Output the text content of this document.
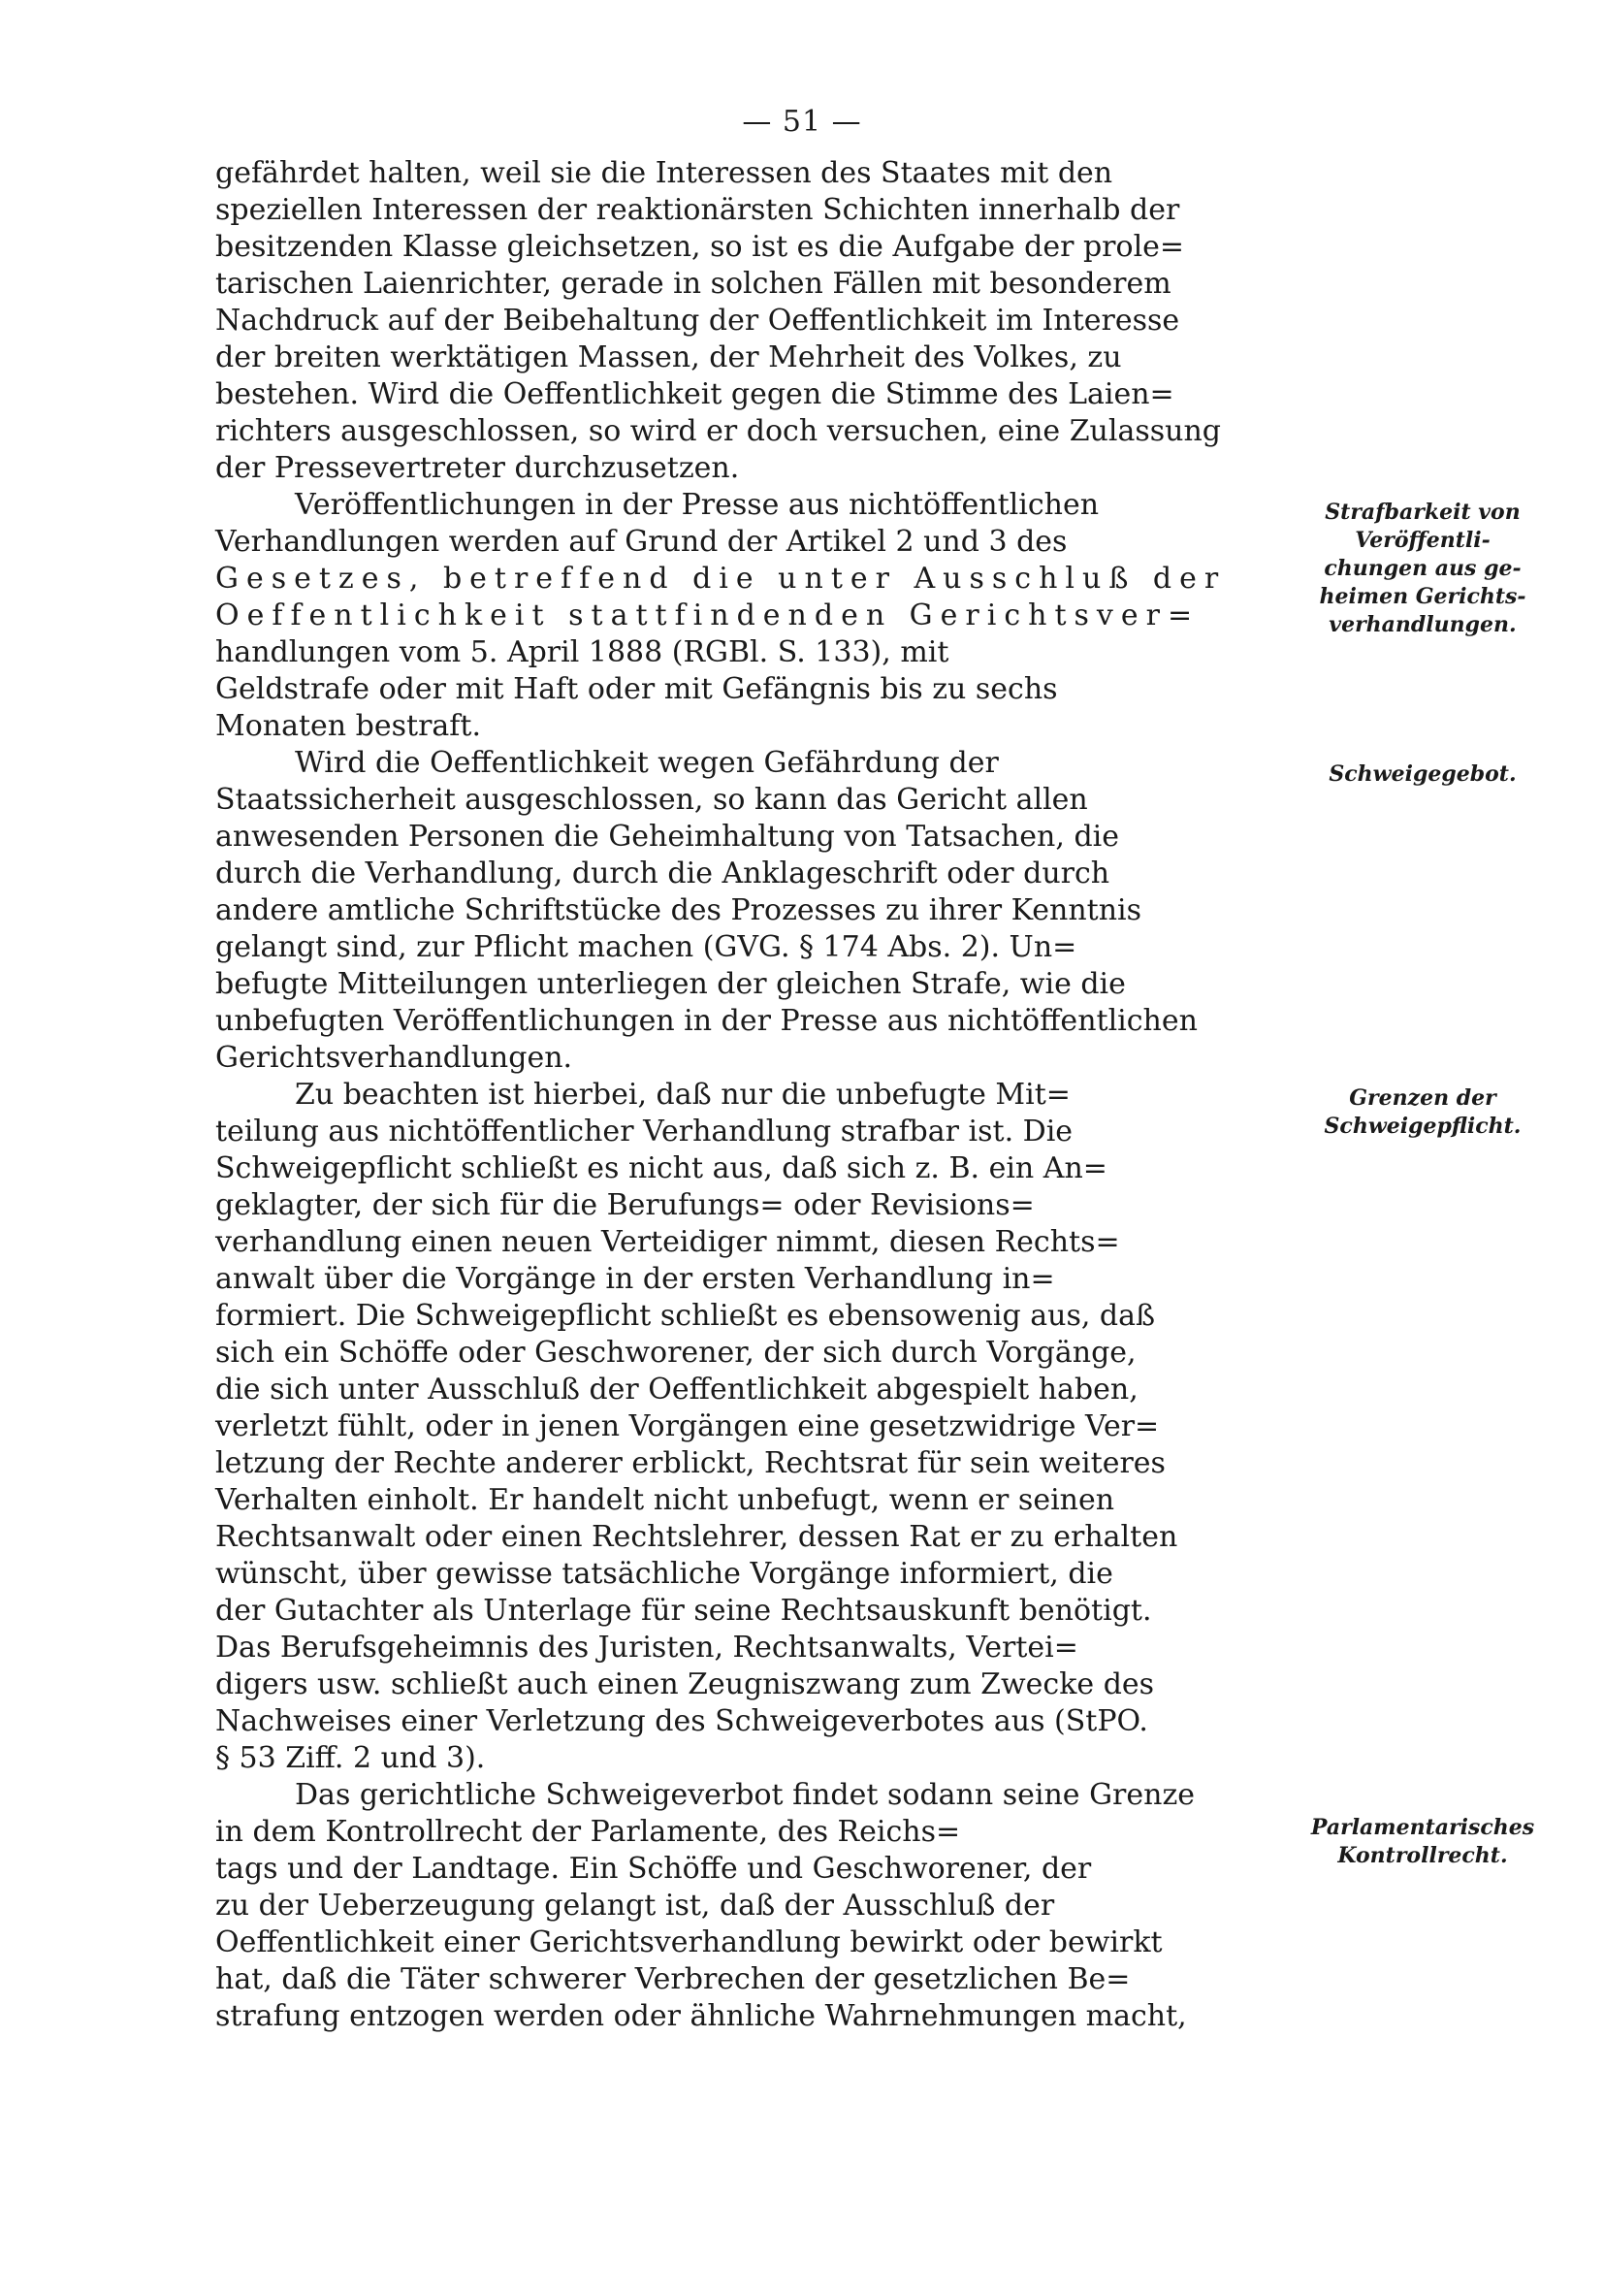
— 51 —

gefährdet halten, weil sie die Interessen des Staates mit den
speziellen Interessen der reaktionärsten Schichten innerhalb der
besitzenden Klasse gleichsetzen, so ist es die Aufgabe der prole=
tarischen Laienrichter, gerade in solchen Fällen mit besonderem
Nachdruck auf der Beibehaltung der Oeffentlichkeit im Interesse
der breiten werktätigen Massen, der Mehrheit des Volkes, zu
bestehen. Wird die Oeffentlichkeit gegen die Stimme des Laien=
richters ausgeschlossen, so wird er doch versuchen, eine Zulassung
der Pressevertreter durchzusetzen.

Veröffentlichungen in der Presse aus nichtöffentlichen
Verhandlungen werden auf Grund der Artikel 2 und 3 des
Gesetzes, betreffend die unter Ausschluß der
Oeffentlichkeit stattfindenden Gerichtsver=
handlungen vom 5. April 1888 (RGBl. S. 133), mit
Geldstrafe oder mit Haft oder mit Gefängnis bis zu sechs
Monaten bestraft.

Wird die Oeffentlichkeit wegen Gefährdung der
Staatssicherheit ausgeschlossen, so kann das Gericht allen
anwesenden Personen die Geheimhaltung von Tatsachen, die
durch die Verhandlung, durch die Anklageschrift oder durch
andere amtliche Schriftstücke des Prozesses zu ihrer Kenntnis
gelangt sind, zur Pflicht machen (GVG. § 174 Abs. 2). Un=
befugte Mitteilungen unterliegen der gleichen Strafe, wie die
unbefugten Veröffentlichungen in der Presse aus nichtöffentlichen
Gerichtsverhandlungen.

Zu beachten ist hierbei, daß nur die unbefugte Mit=
teilung aus nichtöffentlicher Verhandlung strafbar ist. Die
Schweigepflicht schließt es nicht aus, daß sich z. B. ein An=
geklagter, der sich für die Berufungs= oder Revisions=
verhandlung einen neuen Verteidiger nimmt, diesen Rechts=
anwalt über die Vorgänge in der ersten Verhandlung in=
formiert. Die Schweigepflicht schließt es ebensowenig aus, daß
sich ein Schöffe oder Geschworener, der sich durch Vorgänge,
die sich unter Ausschluß der Oeffentlichkeit abgespielt haben,
verletzt fühlt, oder in jenen Vorgängen eine gesetzwidrige Ver=
letzung der Rechte anderer erblickt, Rechtsrat für sein weiteres
Verhalten einholt. Er handelt nicht unbefugt, wenn er seinen
Rechtsanwalt oder einen Rechtslehrer, dessen Rat er zu erhalten
wünscht, über gewisse tatsächliche Vorgänge informiert, die
der Gutachter als Unterlage für seine Rechtsauskunft benötigt.
Das Berufsgeheimnis des Juristen, Rechtsanwalts, Vertei=
digers usw. schließt auch einen Zeugniszwang zum Zwecke des
Nachweises einer Verletzung des Schweigeverbotes aus (StPO.
§ 53 Ziff. 2 und 3).

Das gerichtliche Schweigeverbot findet sodann seine Grenze
in dem Kontrollrecht der Parlamente, des Reichs=
tags und der Landtage. Ein Schöffe und Geschworener, der
zu der Ueberzeugung gelangt ist, daß der Ausschluß der
Oeffentlichkeit einer Gerichtsverhandlung bewirkt oder bewirkt
hat, daß die Täter schwerer Verbrechen der gesetzlichen Be=
strafung entzogen werden oder ähnliche Wahrnehmungen macht,

Strafbarkeit von
Veröffentli-
chungen aus ge-
heimen Gerichts-
verhandlungen.
Schweigegebot.
Grenzen der
Schweigepflicht.
Parlamentarisches
Kontrollrecht.
